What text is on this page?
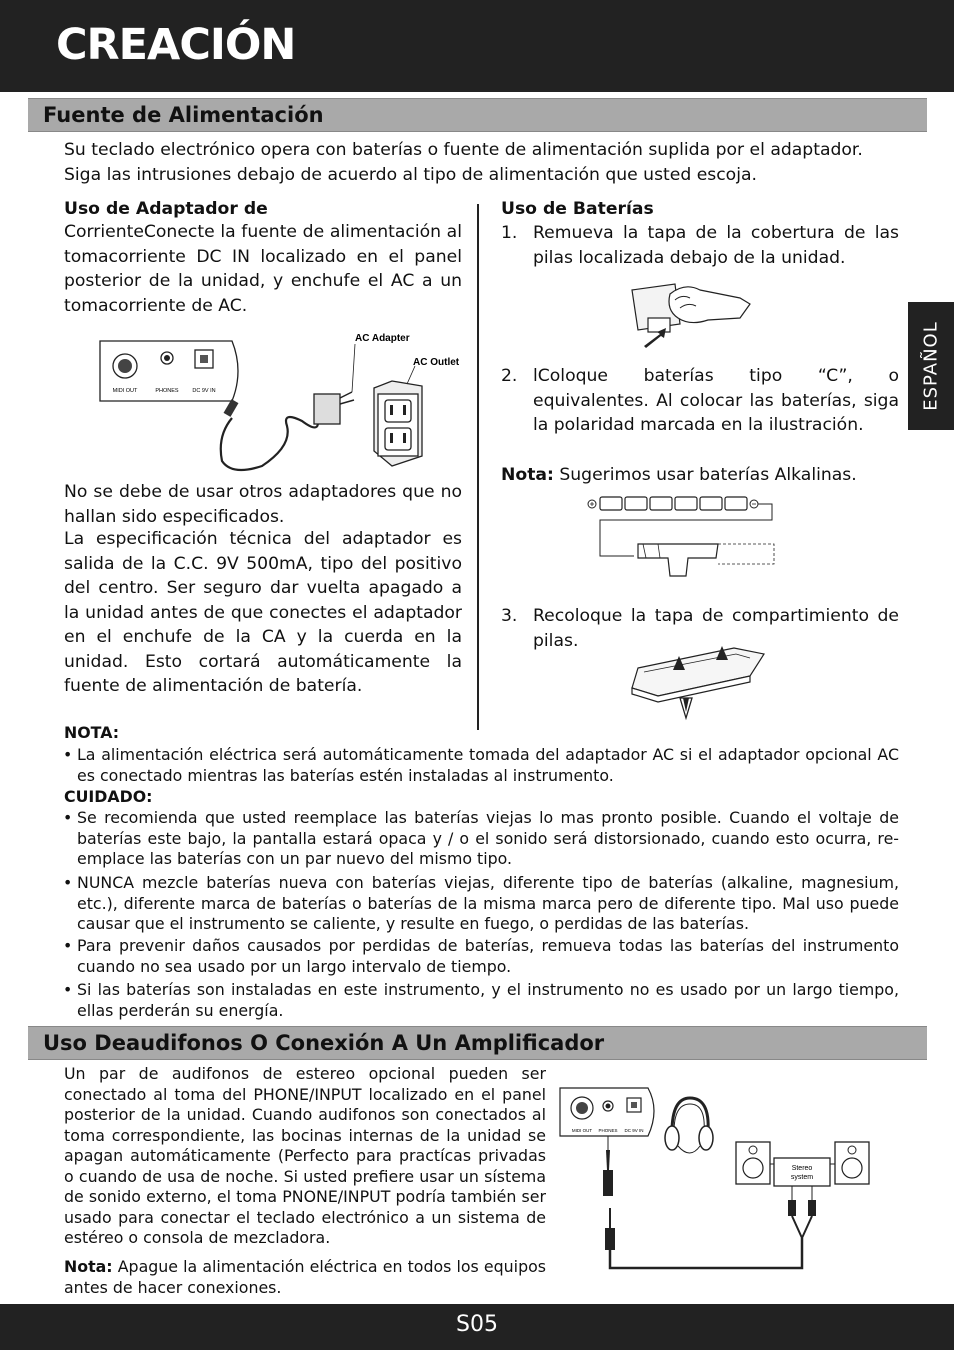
CREACIÓN
ESPAÑOL
Fuente de Alimentación

Su teclado electrónico opera con baterías o fuente de alimentación suplida por el adaptador. Siga las intrusiones debajo de acuerdo al tipo de alimentación que usted escoja.

Uso de Adaptador de

CorrienteConecte la fuente de alimentación al tomacorriente DC IN localizado en el panel posterior de la unidad, y enchufe el AC a un tomacorriente de AC.

MIDI OUT	PHONES	DC 9V IN
AC Adapter
AC Outlet

No se debe de usar otros adaptadores que no hallan sido especificados.

La especificación técnica del adaptador es salida de la C.C. 9V 500mA, tipo del positivo del centro. Ser seguro dar vuelta apagado a la unidad antes de que conectes el adaptador en el enchufe de la CA y la cuerda en la unidad. Esto cortará automáticamente la fuente de alimentación de batería.

Uso de Baterías

1. Remueva la tapa de la cobertura de las pilas localizada debajo de la unidad.

2. lColoque baterías tipo “C”, o equivalentes. Al colocar las baterías, siga la polaridad marcada en la ilustración.

Nota: Sugerimos usar baterías Alkalinas.

3. Recoloque la tapa de compartimiento de pilas.

NOTA:

• La alimentación eléctrica será automáticamente tomada del adaptador AC si el adaptador opcional AC es conectado mientras las baterías estén instaladas al instrumento.

CUIDADO:

• Se recomienda que usted reemplace las baterías viejas lo mas pronto posible. Cuando el voltaje de baterías este bajo, la pantalla estará opaca y / o el sonido será distorsionado, cuando esto ocurra, re-emplace las baterías con un par nuevo del mismo tipo.
• NUNCA mezcle baterías nueva con baterías viejas, diferente tipo de baterías (alkaline, magnesium, etc.), diferente marca de baterías o baterías de la misma marca pero de diferente tipo. Mal uso puede causar que el instrumento se caliente, y resulte en fuego, o perdidas de las baterías.
• Para prevenir daños causados por perdidas de baterías, remueva todas las baterías del instrumento cuando no sea usado por un largo intervalo de tiempo.
• Si las baterías son instaladas en este instrumento, y el instrumento no es usado por un largo tiempo, ellas perderán su energía.
Uso Deaudifonos O Conexión A Un Amplificador

Un par de audifonos de estereo opcional pueden ser conectado al toma del PHONE/INPUT localizado en el panel posterior de la unidad. Cuando audifonos son conectados al toma correspondiente, las bocinas internas de la unidad se apagan automáticamente (Perfecto para practícas privadas o cuando de usa de noche. Si usted prefiere usar un sístema de sonido externo, el toma PNONE/INPUT podría también ser usado para conectar el teclado electrónico a un sistema de estéreo o consola de mezcladora.

Nota: Apague la alimentación eléctrica en todos los equipos antes de hacer conexiones.

MIDI OUT PHONES DC 9V IN
Stereo
system
S05
